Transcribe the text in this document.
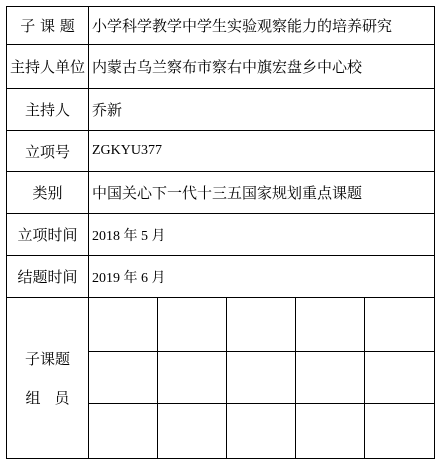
子 课 题	小学科学教学中学生实验观察能力的培养研究				
主持人单位	内蒙古乌兰察布市察右中旗宏盘乡中心校				
主持人	乔新				
立项号	ZGKYU377				
类别	中国关心下一代十三五国家规划重点课题				
立项时间	2018 年 5 月				
结题时间	2019 年 6 月				

子课题
组员					
